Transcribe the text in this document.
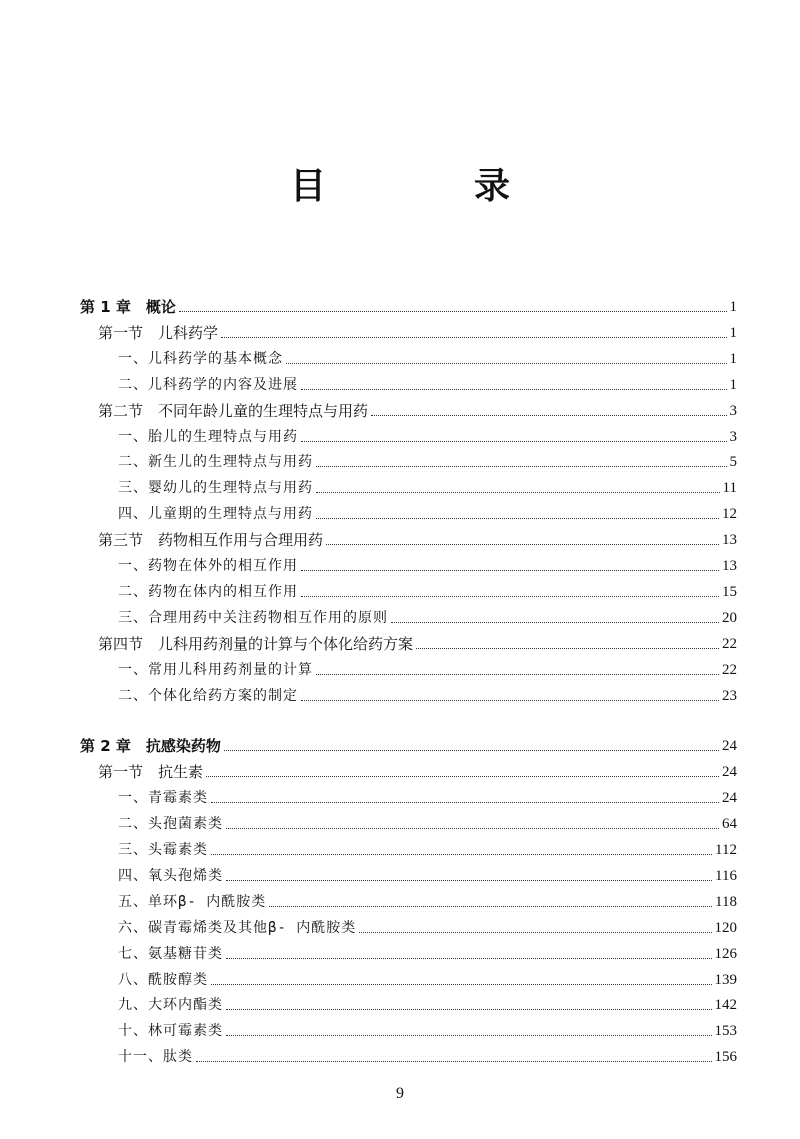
目　录
第 1 章　概论	1
第一节　儿科药学	1
一、儿科药学的基本概念	1
二、儿科药学的内容及进展	1
第二节　不同年龄儿童的生理特点与用药	3
一、胎儿的生理特点与用药	3
二、新生儿的生理特点与用药	5
三、婴幼儿的生理特点与用药	11
四、儿童期的生理特点与用药	12
第三节　药物相互作用与合理用药	13
一、药物在体外的相互作用	13
二、药物在体内的相互作用	15
三、合理用药中关注药物相互作用的原则	20
第四节　儿科用药剂量的计算与个体化给药方案	22
一、常用儿科用药剂量的计算	22
二、个体化给药方案的制定	23
第 2 章　抗感染药物	24
第一节　抗生素	24
一、青霉素类	24
二、头孢菌素类	64
三、头霉素类	112
四、氧头孢烯类	116
五、单环β- 内酰胺类	118
六、碳青霉烯类及其他β- 内酰胺类	120
七、氨基糖苷类	126
八、酰胺醇类	139
九、大环内酯类	142
十、林可霉素类	153
十一、肽类	156
9
